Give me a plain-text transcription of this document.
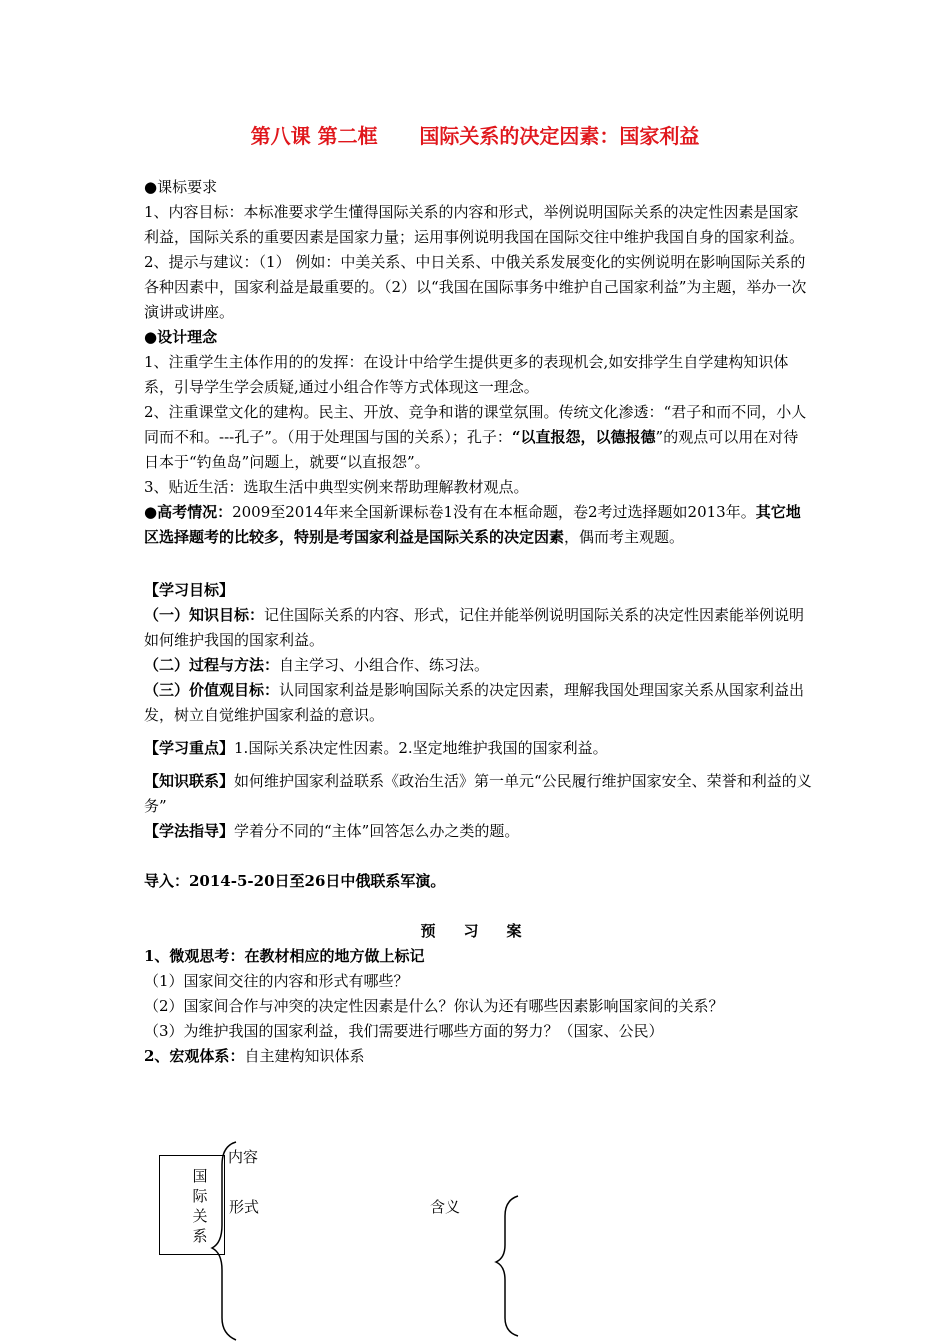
第八课 第二框      国际关系的决定因素：国家利益

●课标要求

1、内容目标：本标准要求学生懂得国际关系的内容和形式，举例说明国际关系的决定性因素是国家利益，国际关系的重要因素是国家力量；运用事例说明我国在国际交往中维护我国自身的国家利益。

2、提示与建议：（1） 例如：中美关系、中日关系、中俄关系发展变化的实例说明在影响国际关系的各种因素中，国家利益是最重要的。（2）以“我国在国际事务中维护自己国家利益”为主题，举办一次演讲或讲座。

●设计理念

1、注重学生主体作用的的发挥：在设计中给学生提供更多的表现机会,如安排学生自学建构知识体系，引导学生学会质疑,通过小组合作等方式体现这一理念。

2、注重课堂文化的建构。民主、开放、竞争和谐的课堂氛围。传统文化渗透：“君子和而不同，小人同而不和。---孔子”。（用于处理国与国的关系）；孔子：“以直报怨，以德报德”的观点可以用在对待日本于“钓鱼岛”问题上，就要“以直报怨”。

3、贴近生活：选取生活中典型实例来帮助理解教材观点。

●高考情况：2009至2014年来全国新课标卷1没有在本框命题，卷2考过选择题如2013年。其它地区选择题考的比较多，特别是考国家利益是国际关系的决定因素，偶而考主观题。

【学习目标】

（一）知识目标：记住国际关系的内容、形式，记住并能举例说明国际关系的决定性因素能举例说明如何维护我国的国家利益。

（二）过程与方法：自主学习、小组合作、练习法。

（三）价值观目标：认同国家利益是影响国际关系的决定因素，理解我国处理国家关系从国家利益出发，树立自觉维护国家利益的意识。

【学习重点】1.国际关系决定性因素。2.坚定地维护我国的国家利益。

【知识联系】如何维护国家利益联系《政治生活》第一单元“公民履行维护国家安全、荣誉和利益的义务”

【学法指导】学着分不同的“主体”回答怎么办之类的题。

导入：2014-5-20日至26日中俄联系军演。

预习案

1、微观思考：在教材相应的地方做上标记

（1）国家间交往的内容和形式有哪些？

（2）国家间合作与冲突的决定性因素是什么？你认为还有哪些因素影响国家间的关系？

（3）为维护我国的国家利益，我们需要进行哪些方面的努力？（国家、公民）

2、宏观体系：自主建构知识体系

国际关系
内容
形式	含义
